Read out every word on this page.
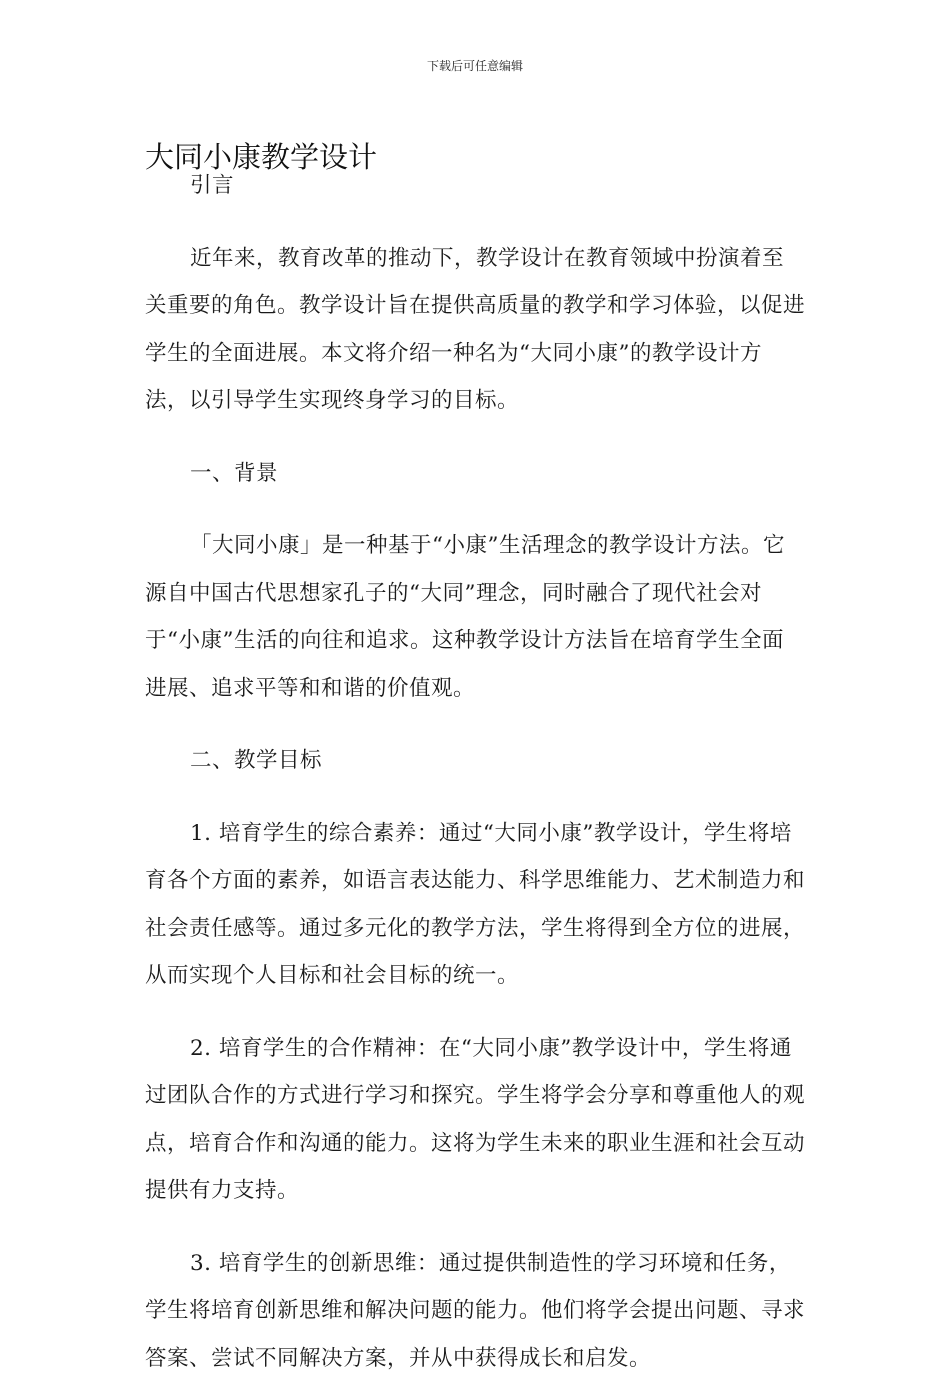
下载后可任意编辑
大同小康教学设计

引言

近年来，教育改革的推动下，教学设计在教育领域中扮演着至关重要的角色。教学设计旨在提供高质量的教学和学习体验，以促进学生的全面进展。本文将介绍一种名为“大同小康”的教学设计方法，以引导学生实现终身学习的目标。

一、背景

「大同小康」是一种基于“小康”生活理念的教学设计方法。它源自中国古代思想家孔子的“大同”理念，同时融合了现代社会对于“小康”生活的向往和追求。这种教学设计方法旨在培育学生全面进展、追求平等和和谐的价值观。

二、教学目标

1. 培育学生的综合素养：通过“大同小康”教学设计，学生将培育各个方面的素养，如语言表达能力、科学思维能力、艺术制造力和社会责任感等。通过多元化的教学方法，学生将得到全方位的进展，从而实现个人目标和社会目标的统一。

2. 培育学生的合作精神：在“大同小康”教学设计中，学生将通过团队合作的方式进行学习和探究。学生将学会分享和尊重他人的观点，培育合作和沟通的能力。这将为学生未来的职业生涯和社会互动提供有力支持。

3. 培育学生的创新思维：通过提供制造性的学习环境和任务，学生将培育创新思维和解决问题的能力。他们将学会提出问题、寻求答案、尝试不同解决方案，并从中获得成长和启发。
